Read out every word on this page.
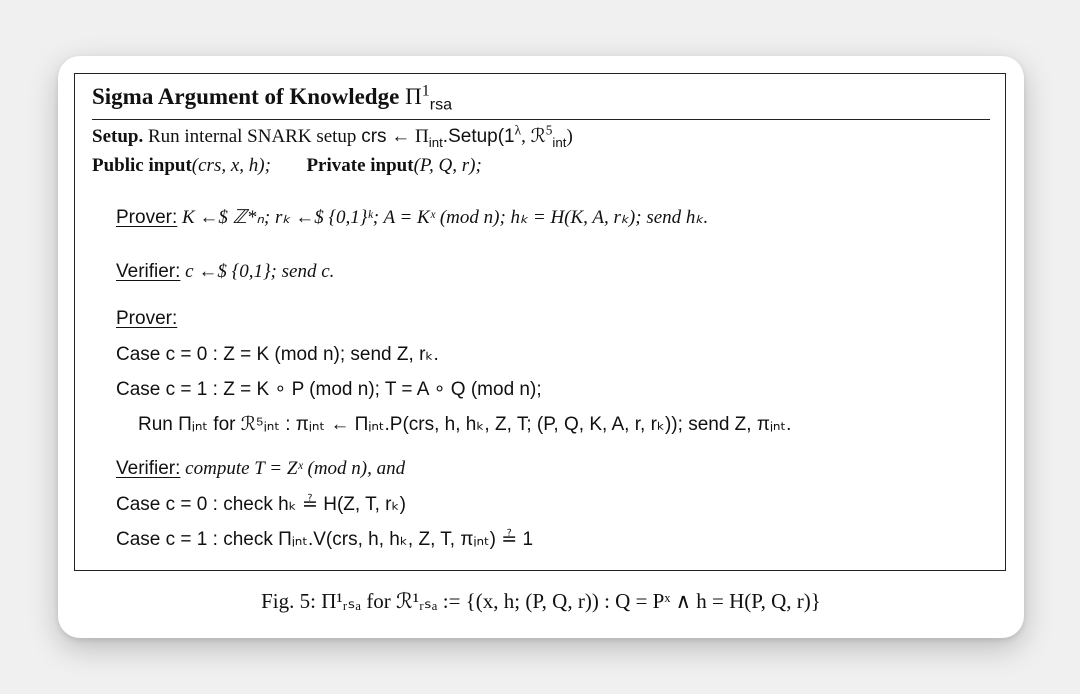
Sigma Argument of Knowledge $\Pi^1_{rsa}$
Setup. Run internal SNARK setup crs ← $\Pi_{int}.Setup(1^\lambda$, ℛ$^5_{int}$)
Public input(crs, x, h); Private input(P, Q, r);
Prover: K ←$ ℤ*ₙ; rₖ ←$ {0,1}ᵏ; A = Kˣ (mod n); hₖ = H(K, A, rₖ); send hₖ.
Verifier: c ←$ {0,1}; send c.
Prover:
Case c = 0 : Z = K (mod n); send Z, rₖ.
Case c = 1 : Z = K ∘ P (mod n); T = A ∘ Q (mod n);
Run Πᵢₙₜ for ℛ⁵ᵢₙₜ : πᵢₙₜ ← Πᵢₙₜ.P(crs, h, hₖ, Z, T; (P, Q, K, A, r, rₖ)); send Z, πᵢₙₜ.
Verifier: compute T = Zˣ (mod n), and
Case c = 0 : check hₖ ≟ H(Z, T, rₖ)
Case c = 1 : check Πᵢₙₜ.V(crs, h, hₖ, Z, T, πᵢₙₜ) ≟ 1
Fig. 5: Π¹ᵣₛₐ for ℛ¹ᵣₛₐ := {(x, h; (P, Q, r)) : Q = Pˣ ∧ h = H(P, Q, r)}
